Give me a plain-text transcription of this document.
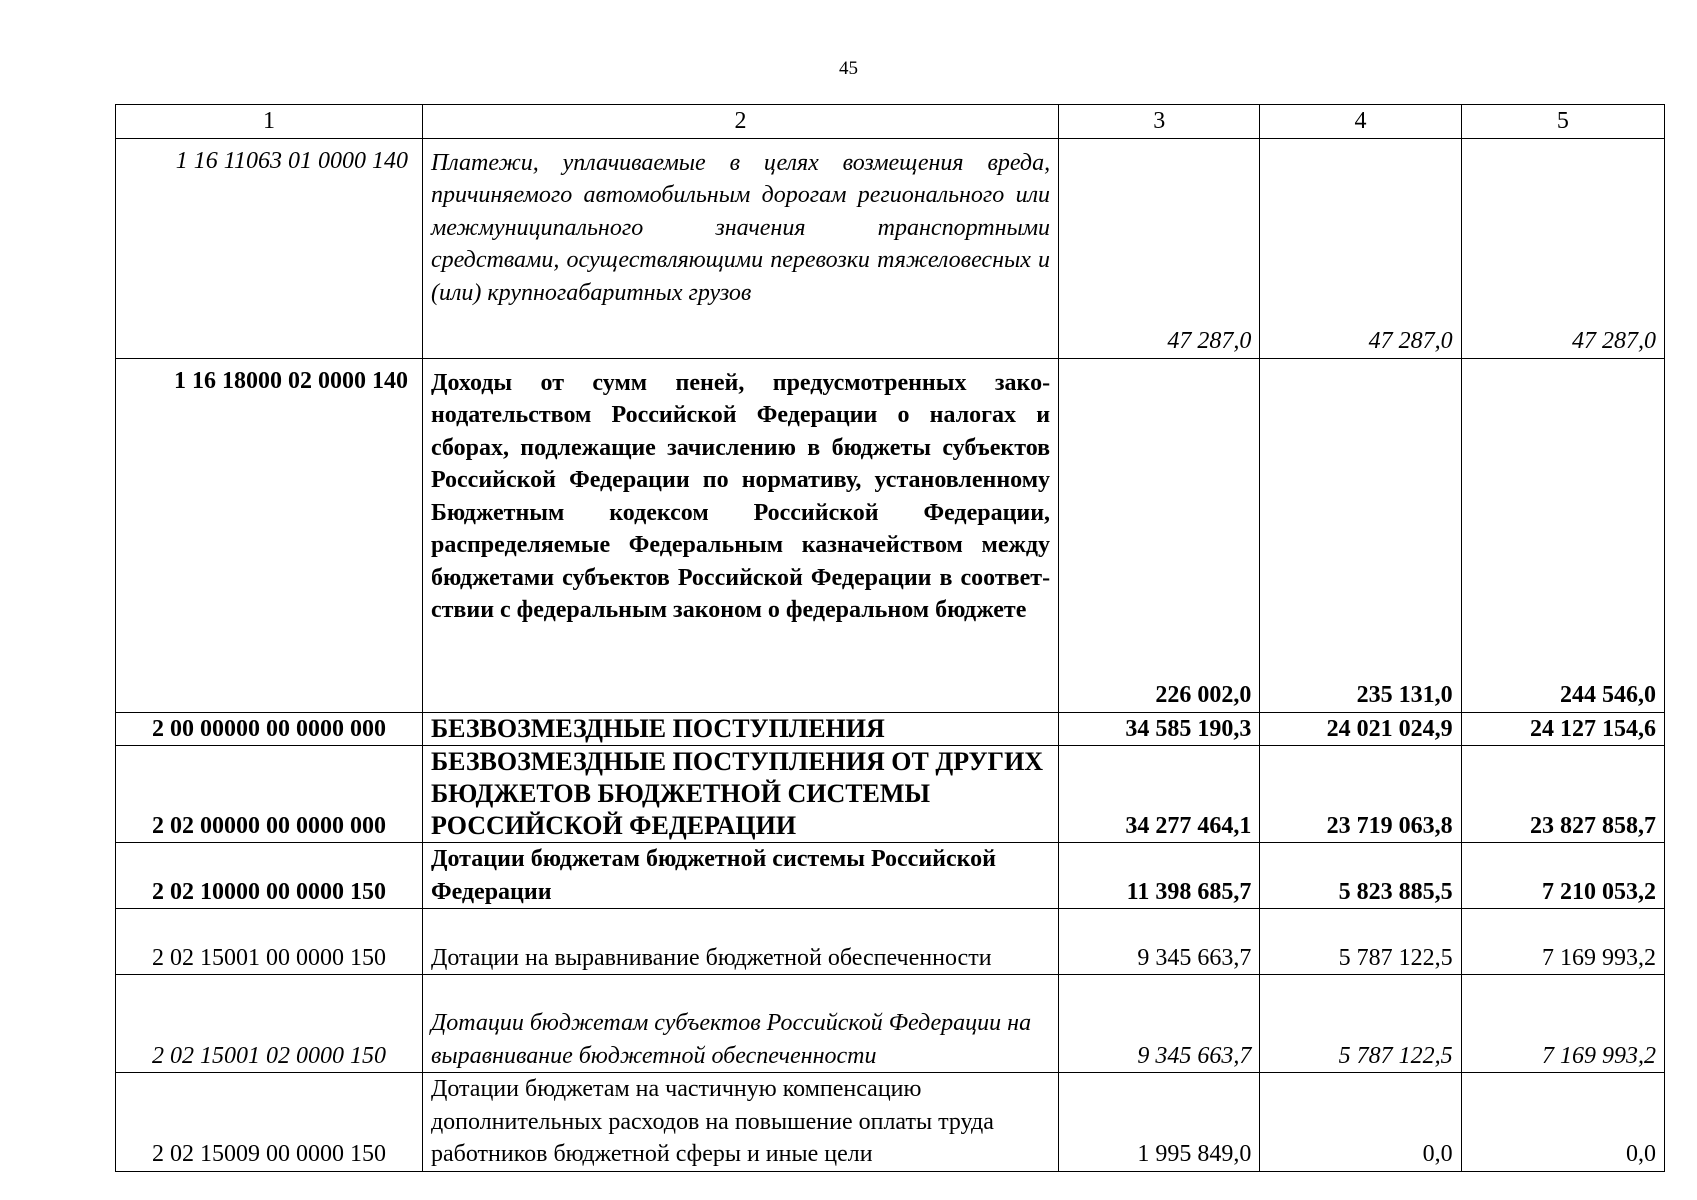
45
1	2	3	4	5
1 16 11063 01 0000 140	Платежи, уплачиваемые в целях возмещения вреда, причиняемого автомобильным дорогам регионального или межмуниципального значения транспортными средствами, осуществляющими перевозки тяжеловесных и (или) крупногабаритных грузов	47 287,0	47 287,0	47 287,0
1 16 18000 02 0000 140	Доходы от сумм пеней, предусмотренных законодательством Российской Федерации о налогах и сборах, подлежащие зачислению в бюджеты субъектов Российской Федерации по нормативу, установленному Бюджетным кодексом Российской Федерации, распределяемые Федеральным казначейством между бюджетами субъектов Российской Федерации в соответствии с федеральным законом о федеральном бюджете	226 002,0	235 131,0	244 546,0
2 00 00000 00 0000 000	БЕЗВОЗМЕЗДНЫЕ ПОСТУПЛЕНИЯ	34 585 190,3	24 021 024,9	24 127 154,6
2 02 00000 00 0000 000	БЕЗВОЗМЕЗДНЫЕ ПОСТУПЛЕНИЯ ОТ ДРУГИХ БЮДЖЕТОВ БЮДЖЕТНОЙ СИСТЕМЫ РОССИЙСКОЙ ФЕДЕРАЦИИ	34 277 464,1	23 719 063,8	23 827 858,7
2 02 10000 00 0000 150	Дотации бюджетам бюджетной системы Российской Федерации	11 398 685,7	5 823 885,5	7 210 053,2
2 02 15001 00 0000 150	Дотации на выравнивание бюджетной обеспеченности	9 345 663,7	5 787 122,5	7 169 993,2
2 02 15001 02 0000 150	Дотации бюджетам субъектов Российской Федерации на выравнивание бюджетной обеспеченности	9 345 663,7	5 787 122,5	7 169 993,2
2 02 15009 00 0000 150	Дотации бюджетам на частичную компенсацию дополнительных расходов на повышение оплаты труда работников бюджетной сферы и иные цели	1 995 849,0	0,0	0,0
